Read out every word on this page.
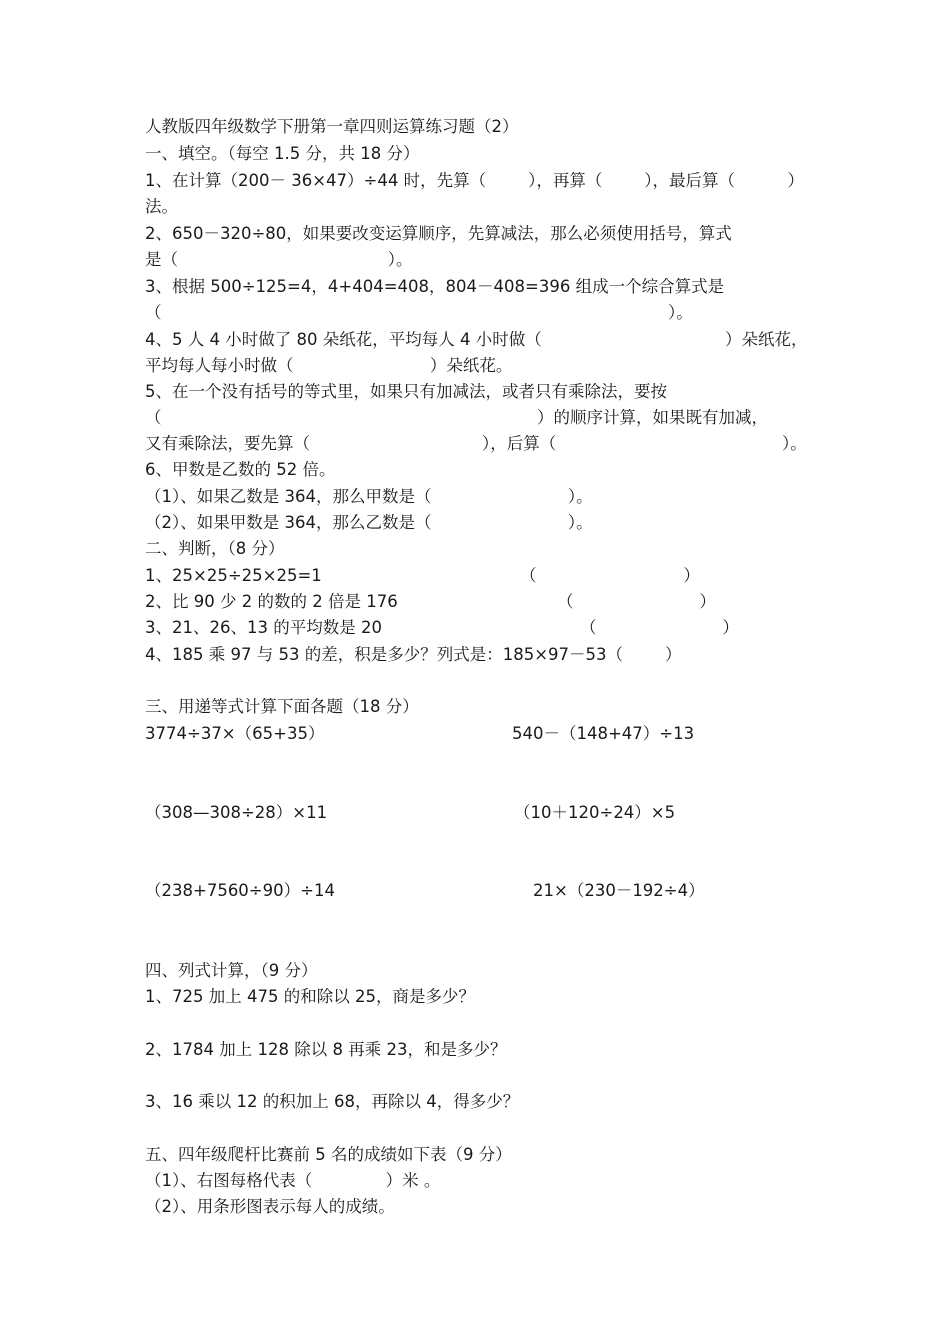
人教版四年级数学下册第一章四则运算练习题（2）
一、填空。（每空 1.5 分，共 18 分）
1、在计算（200－ 36×47）÷44 时，先算（        ），再算（        ），最后算（          ）
法。
2、650－320÷80，如果要改变运算顺序，先算减法，那么必须使用括号，算式
是（                                        ）。
3、根据 500÷125=4，4+404=408，804－408=396 组成一个综合算式是
（	）。
4、5 人 4 小时做了 80 朵纸花，平均每人 4 小时做（	）朵纸花，
平均每人每小时做（                          ）朵纸花。
5、在一个没有括号的等式里，如果只有加减法，或者只有乘除法，要按
（	）的顺序计算，如果既有加减，
又有乘除法，要先算（	），后算（	）。
6、甲数是乙数的 52 倍。
（1）、如果乙数是 364，那么甲数是（                          ）。
（2）、如果甲数是 364，那么乙数是（                          ）。
二、判断，（8 分）
1、25×25÷25×25=1	（                            ）
2、比 90 少 2 的数的 2 倍是 176	（                        ）
3、21、26、13 的平均数是 20	（                        ）
4、185 乘 97 与 53 的差，积是多少？列式是：185×97－53（        ）
三、用递等式计算下面各题（18 分）
3774÷37×（65+35）	540－（148+47）÷13
（308—308÷28）×11	（10＋120÷24）×5
（238+7560÷90）÷14	21×（230－192÷4）
四、列式计算，（9 分）
1、725 加上 475 的和除以 25，商是多少？
2、1784 加上 128 除以 8 再乘 23，和是多少？
3、16 乘以 12 的积加上 68，再除以 4，得多少？
五、四年级爬杆比赛前 5 名的成绩如下表（9 分）
（1）、右图每格代表（              ）米 。
（2）、用条形图表示每人的成绩。
